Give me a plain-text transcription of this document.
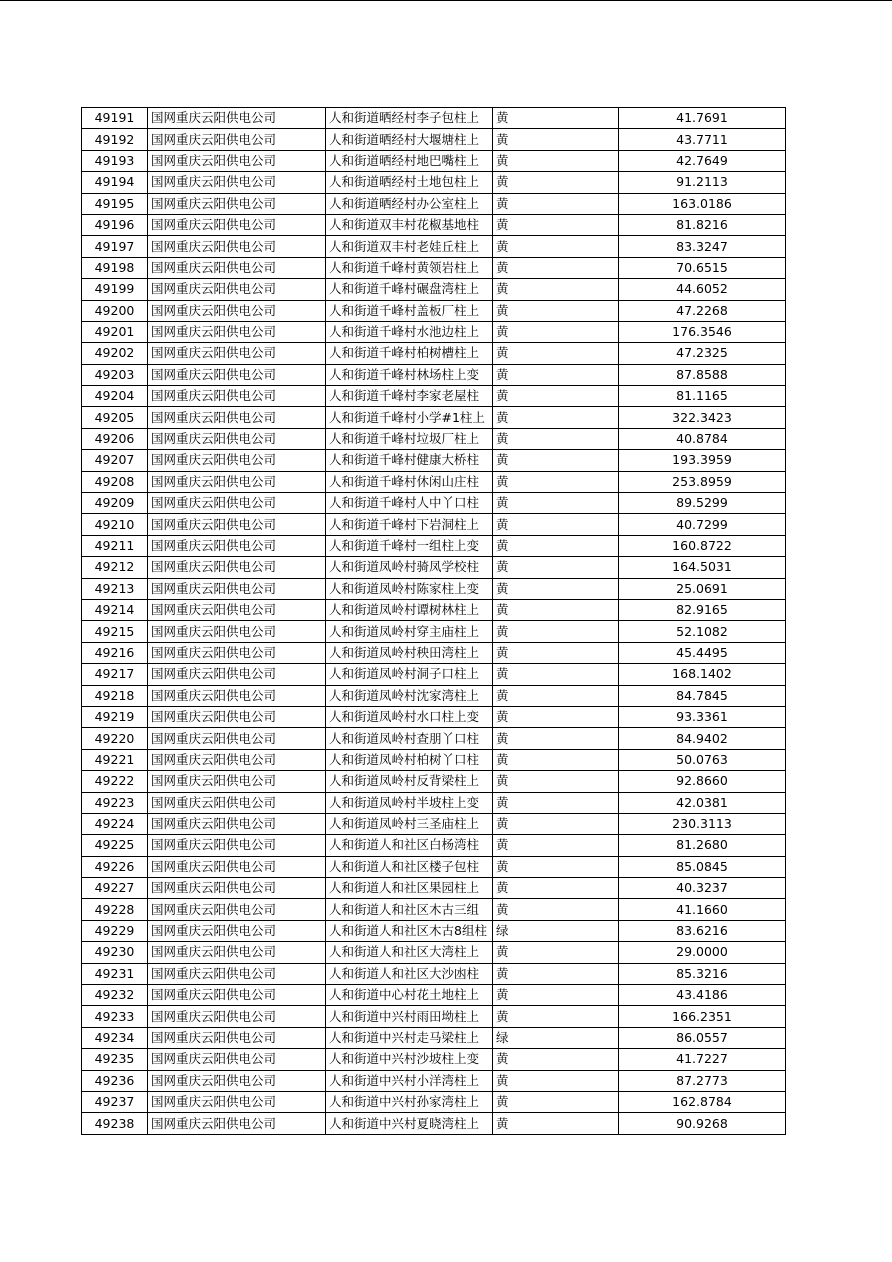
49191	国网重庆云阳供电公司	人和街道晒经村李子包柱上	黄	41.7691
49192	国网重庆云阳供电公司	人和街道晒经村大堰塘柱上	黄	43.7711
49193	国网重庆云阳供电公司	人和街道晒经村地巴嘴柱上	黄	42.7649
49194	国网重庆云阳供电公司	人和街道晒经村土地包柱上	黄	91.2113
49195	国网重庆云阳供电公司	人和街道晒经村办公室柱上	黄	163.0186
49196	国网重庆云阳供电公司	人和街道双丰村花椒基地柱	黄	81.8216
49197	国网重庆云阳供电公司	人和街道双丰村老娃丘柱上	黄	83.3247
49198	国网重庆云阳供电公司	人和街道千峰村黄领岩柱上	黄	70.6515
49199	国网重庆云阳供电公司	人和街道千峰村碾盘湾柱上	黄	44.6052
49200	国网重庆云阳供电公司	人和街道千峰村盖板厂柱上	黄	47.2268
49201	国网重庆云阳供电公司	人和街道千峰村水池边柱上	黄	176.3546
49202	国网重庆云阳供电公司	人和街道千峰村柏树槽柱上	黄	47.2325
49203	国网重庆云阳供电公司	人和街道千峰村林场柱上变	黄	87.8588
49204	国网重庆云阳供电公司	人和街道千峰村李家老屋柱	黄	81.1165
49205	国网重庆云阳供电公司	人和街道千峰村小学#1柱上	黄	322.3423
49206	国网重庆云阳供电公司	人和街道千峰村垃圾厂柱上	黄	40.8784
49207	国网重庆云阳供电公司	人和街道千峰村健康大桥柱	黄	193.3959
49208	国网重庆云阳供电公司	人和街道千峰村休闲山庄柱	黄	253.8959
49209	国网重庆云阳供电公司	人和街道千峰村人中丫口柱	黄	89.5299
49210	国网重庆云阳供电公司	人和街道千峰村下岩洞柱上	黄	40.7299
49211	国网重庆云阳供电公司	人和街道千峰村一组柱上变	黄	160.8722
49212	国网重庆云阳供电公司	人和街道凤岭村骑凤学校柱	黄	164.5031
49213	国网重庆云阳供电公司	人和街道凤岭村陈家柱上变	黄	25.0691
49214	国网重庆云阳供电公司	人和街道凤岭村谭树林柱上	黄	82.9165
49215	国网重庆云阳供电公司	人和街道凤岭村穿主庙柱上	黄	52.1082
49216	国网重庆云阳供电公司	人和街道凤岭村秧田湾柱上	黄	45.4495
49217	国网重庆云阳供电公司	人和街道凤岭村洞子口柱上	黄	168.1402
49218	国网重庆云阳供电公司	人和街道凤岭村沈家湾柱上	黄	84.7845
49219	国网重庆云阳供电公司	人和街道凤岭村水口柱上变	黄	93.3361
49220	国网重庆云阳供电公司	人和街道凤岭村查朋丫口柱	黄	84.9402
49221	国网重庆云阳供电公司	人和街道凤岭村柏树丫口柱	黄	50.0763
49222	国网重庆云阳供电公司	人和街道凤岭村反背梁柱上	黄	92.8660
49223	国网重庆云阳供电公司	人和街道凤岭村半坡柱上变	黄	42.0381
49224	国网重庆云阳供电公司	人和街道凤岭村三圣庙柱上	黄	230.3113
49225	国网重庆云阳供电公司	人和街道人和社区白杨湾柱	黄	81.2680
49226	国网重庆云阳供电公司	人和街道人和社区楼子包柱	黄	85.0845
49227	国网重庆云阳供电公司	人和街道人和社区果园柱上	黄	40.3237
49228	国网重庆云阳供电公司	人和街道人和社区木古三组	黄	41.1660
49229	国网重庆云阳供电公司	人和街道人和社区木古8组柱	绿	83.6216
49230	国网重庆云阳供电公司	人和街道人和社区大湾柱上	黄	29.0000
49231	国网重庆云阳供电公司	人和街道人和社区大沙凼柱	黄	85.3216
49232	国网重庆云阳供电公司	人和街道中心村花土地柱上	黄	43.4186
49233	国网重庆云阳供电公司	人和街道中兴村雨田坳柱上	黄	166.2351
49234	国网重庆云阳供电公司	人和街道中兴村走马梁柱上	绿	86.0557
49235	国网重庆云阳供电公司	人和街道中兴村沙坡柱上变	黄	41.7227
49236	国网重庆云阳供电公司	人和街道中兴村小洋湾柱上	黄	87.2773
49237	国网重庆云阳供电公司	人和街道中兴村孙家湾柱上	黄	162.8784
49238	国网重庆云阳供电公司	人和街道中兴村夏晓湾柱上	黄	90.9268
